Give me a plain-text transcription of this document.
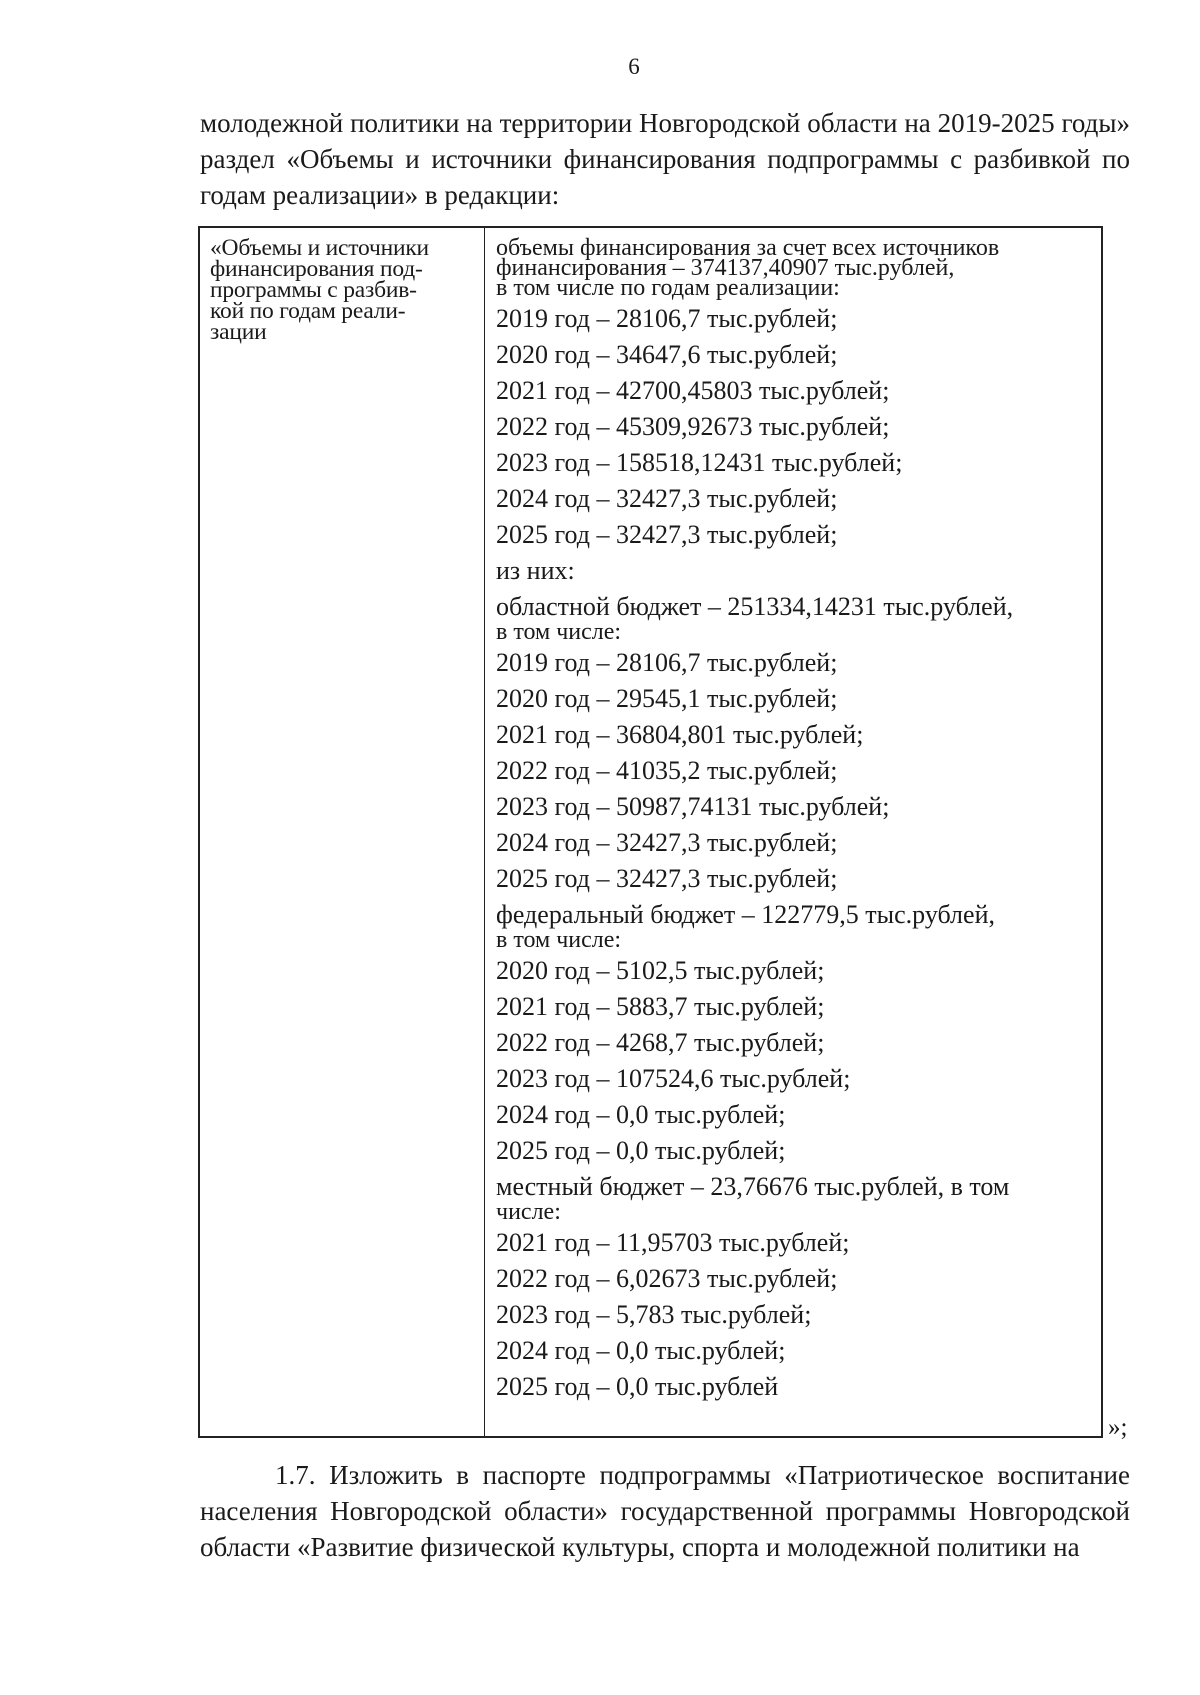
6
молодежной политики на территории Новгородской области на 2019-2025 годы» раздел «Объемы и источники финансирования подпрограммы с разбивкой по годам реализации» в редакции:
«Объемы и источники
финансирования под-
программы с разбив-
кой по годам реали-
зации
объемы финансирования за счет всех источников
финансирования – 374137,40907 тыс.рублей,
в том числе по годам реализации:
2019 год – 28106,7 тыс.рублей;
2020 год – 34647,6 тыс.рублей;
2021 год – 42700,45803 тыс.рублей;
2022 год – 45309,92673 тыс.рублей;
2023 год – 158518,12431 тыс.рублей;
2024 год – 32427,3 тыс.рублей;
2025 год – 32427,3 тыс.рублей;
из них:
областной бюджет – 251334,14231 тыс.рублей,
в том числе:
2019 год – 28106,7 тыс.рублей;
2020 год – 29545,1 тыс.рублей;
2021 год – 36804,801 тыс.рублей;
2022 год – 41035,2 тыс.рублей;
2023 год – 50987,74131 тыс.рублей;
2024 год – 32427,3 тыс.рублей;
2025 год – 32427,3 тыс.рублей;
федеральный бюджет – 122779,5 тыс.рублей,
в том числе:
2020 год – 5102,5 тыс.рублей;
2021 год – 5883,7 тыс.рублей;
2022 год – 4268,7 тыс.рублей;
2023 год – 107524,6 тыс.рублей;
2024 год – 0,0 тыс.рублей;
2025 год – 0,0 тыс.рублей;
местный бюджет – 23,76676 тыс.рублей, в том
числе:
2021 год – 11,95703 тыс.рублей;
2022 год – 6,02673 тыс.рублей;
2023 год – 5,783 тыс.рублей;
2024 год – 0,0 тыс.рублей;
2025 год – 0,0 тыс.рублей
»;
1.7. Изложить в паспорте подпрограммы «Патриотическое воспитание населения Новгородской области» государственной программы Новгородской области «Развитие физической культуры, спорта и молодежной политики на
